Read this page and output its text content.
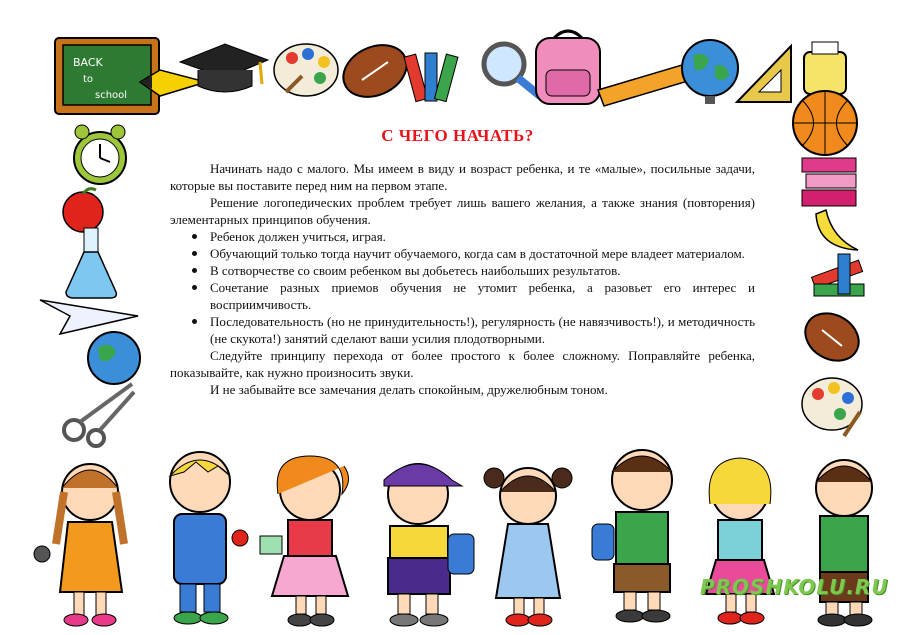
BACK
to
school
С ЧЕГО НАЧАТЬ?

Начинать надо с малого. Мы имеем в виду и возраст ребенка, и те «малые», посильные задачи, которые вы поставите перед ним на первом этапе.

Решение логопедических проблем требует лишь вашего желания, а также знания (повторения) элементарных принципов обучения.

Ребенок должен учиться, играя.
Обучающий только тогда научит обучаемого, когда сам в достаточной мере владеет материалом.
В сотворчестве со своим ребенком вы добьетесь наибольших результатов.
Сочетание разных приемов обучения не утомит ребенка, а разовьет его интерес и восприимчивость.
Последовательность (но не принудительность!), регулярность (не навязчивость!), и методичность (не скукота!) занятий сделают ваши усилия плодотворными.

Следуйте принципу перехода от более простого к более сложному. Поправляйте ребенка, показывайте, как нужно произносить звуки.

И не забывайте все замечания делать спокойным, дружелюбным тоном.

PROSHKOLU.RU
